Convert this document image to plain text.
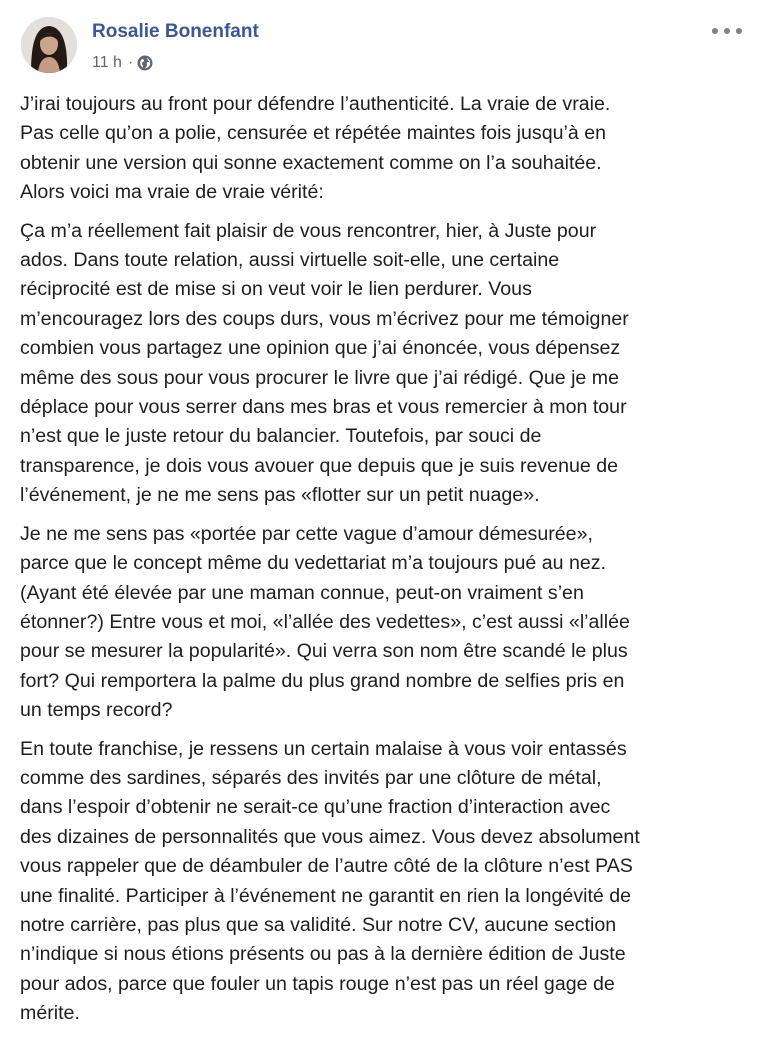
Rosalie Bonenfant
11 h ·

J’irai toujours au front pour défendre l’authenticité. La vraie de vraie.
Pas celle qu’on a polie, censurée et répétée maintes fois jusqu’à en
obtenir une version qui sonne exactement comme on l’a souhaitée.
Alors voici ma vraie de vraie vérité:

Ça m’a réellement fait plaisir de vous rencontrer, hier, à Juste pour
ados. Dans toute relation, aussi virtuelle soit-elle, une certaine
réciprocité est de mise si on veut voir le lien perdurer. Vous
m’encouragez lors des coups durs, vous m’écrivez pour me témoigner
combien vous partagez une opinion que j’ai énoncée, vous dépensez
même des sous pour vous procurer le livre que j’ai rédigé. Que je me
déplace pour vous serrer dans mes bras et vous remercier à mon tour
n’est que le juste retour du balancier. Toutefois, par souci de
transparence, je dois vous avouer que depuis que je suis revenue de
l’événement, je ne me sens pas «flotter sur un petit nuage».

Je ne me sens pas «portée par cette vague d’amour démesurée»,
parce que le concept même du vedettariat m’a toujours pué au nez.
(Ayant été élevée par une maman connue, peut-on vraiment s’en
étonner?) Entre vous et moi, «l’allée des vedettes», c’est aussi «l’allée
pour se mesurer la popularité». Qui verra son nom être scandé le plus
fort? Qui remportera la palme du plus grand nombre de selfies pris en
un temps record?

En toute franchise, je ressens un certain malaise à vous voir entassés
comme des sardines, séparés des invités par une clôture de métal,
dans l’espoir d’obtenir ne serait-ce qu’une fraction d’interaction avec
des dizaines de personnalités que vous aimez. Vous devez absolument
vous rappeler que de déambuler de l’autre côté de la clôture n’est PAS
une finalité. Participer à l’événement ne garantit en rien la longévité de
notre carrière, pas plus que sa validité. Sur notre CV, aucune section
n’indique si nous étions présents ou pas à la dernière édition de Juste
pour ados, parce que fouler un tapis rouge n’est pas un réel gage de
mérite.
